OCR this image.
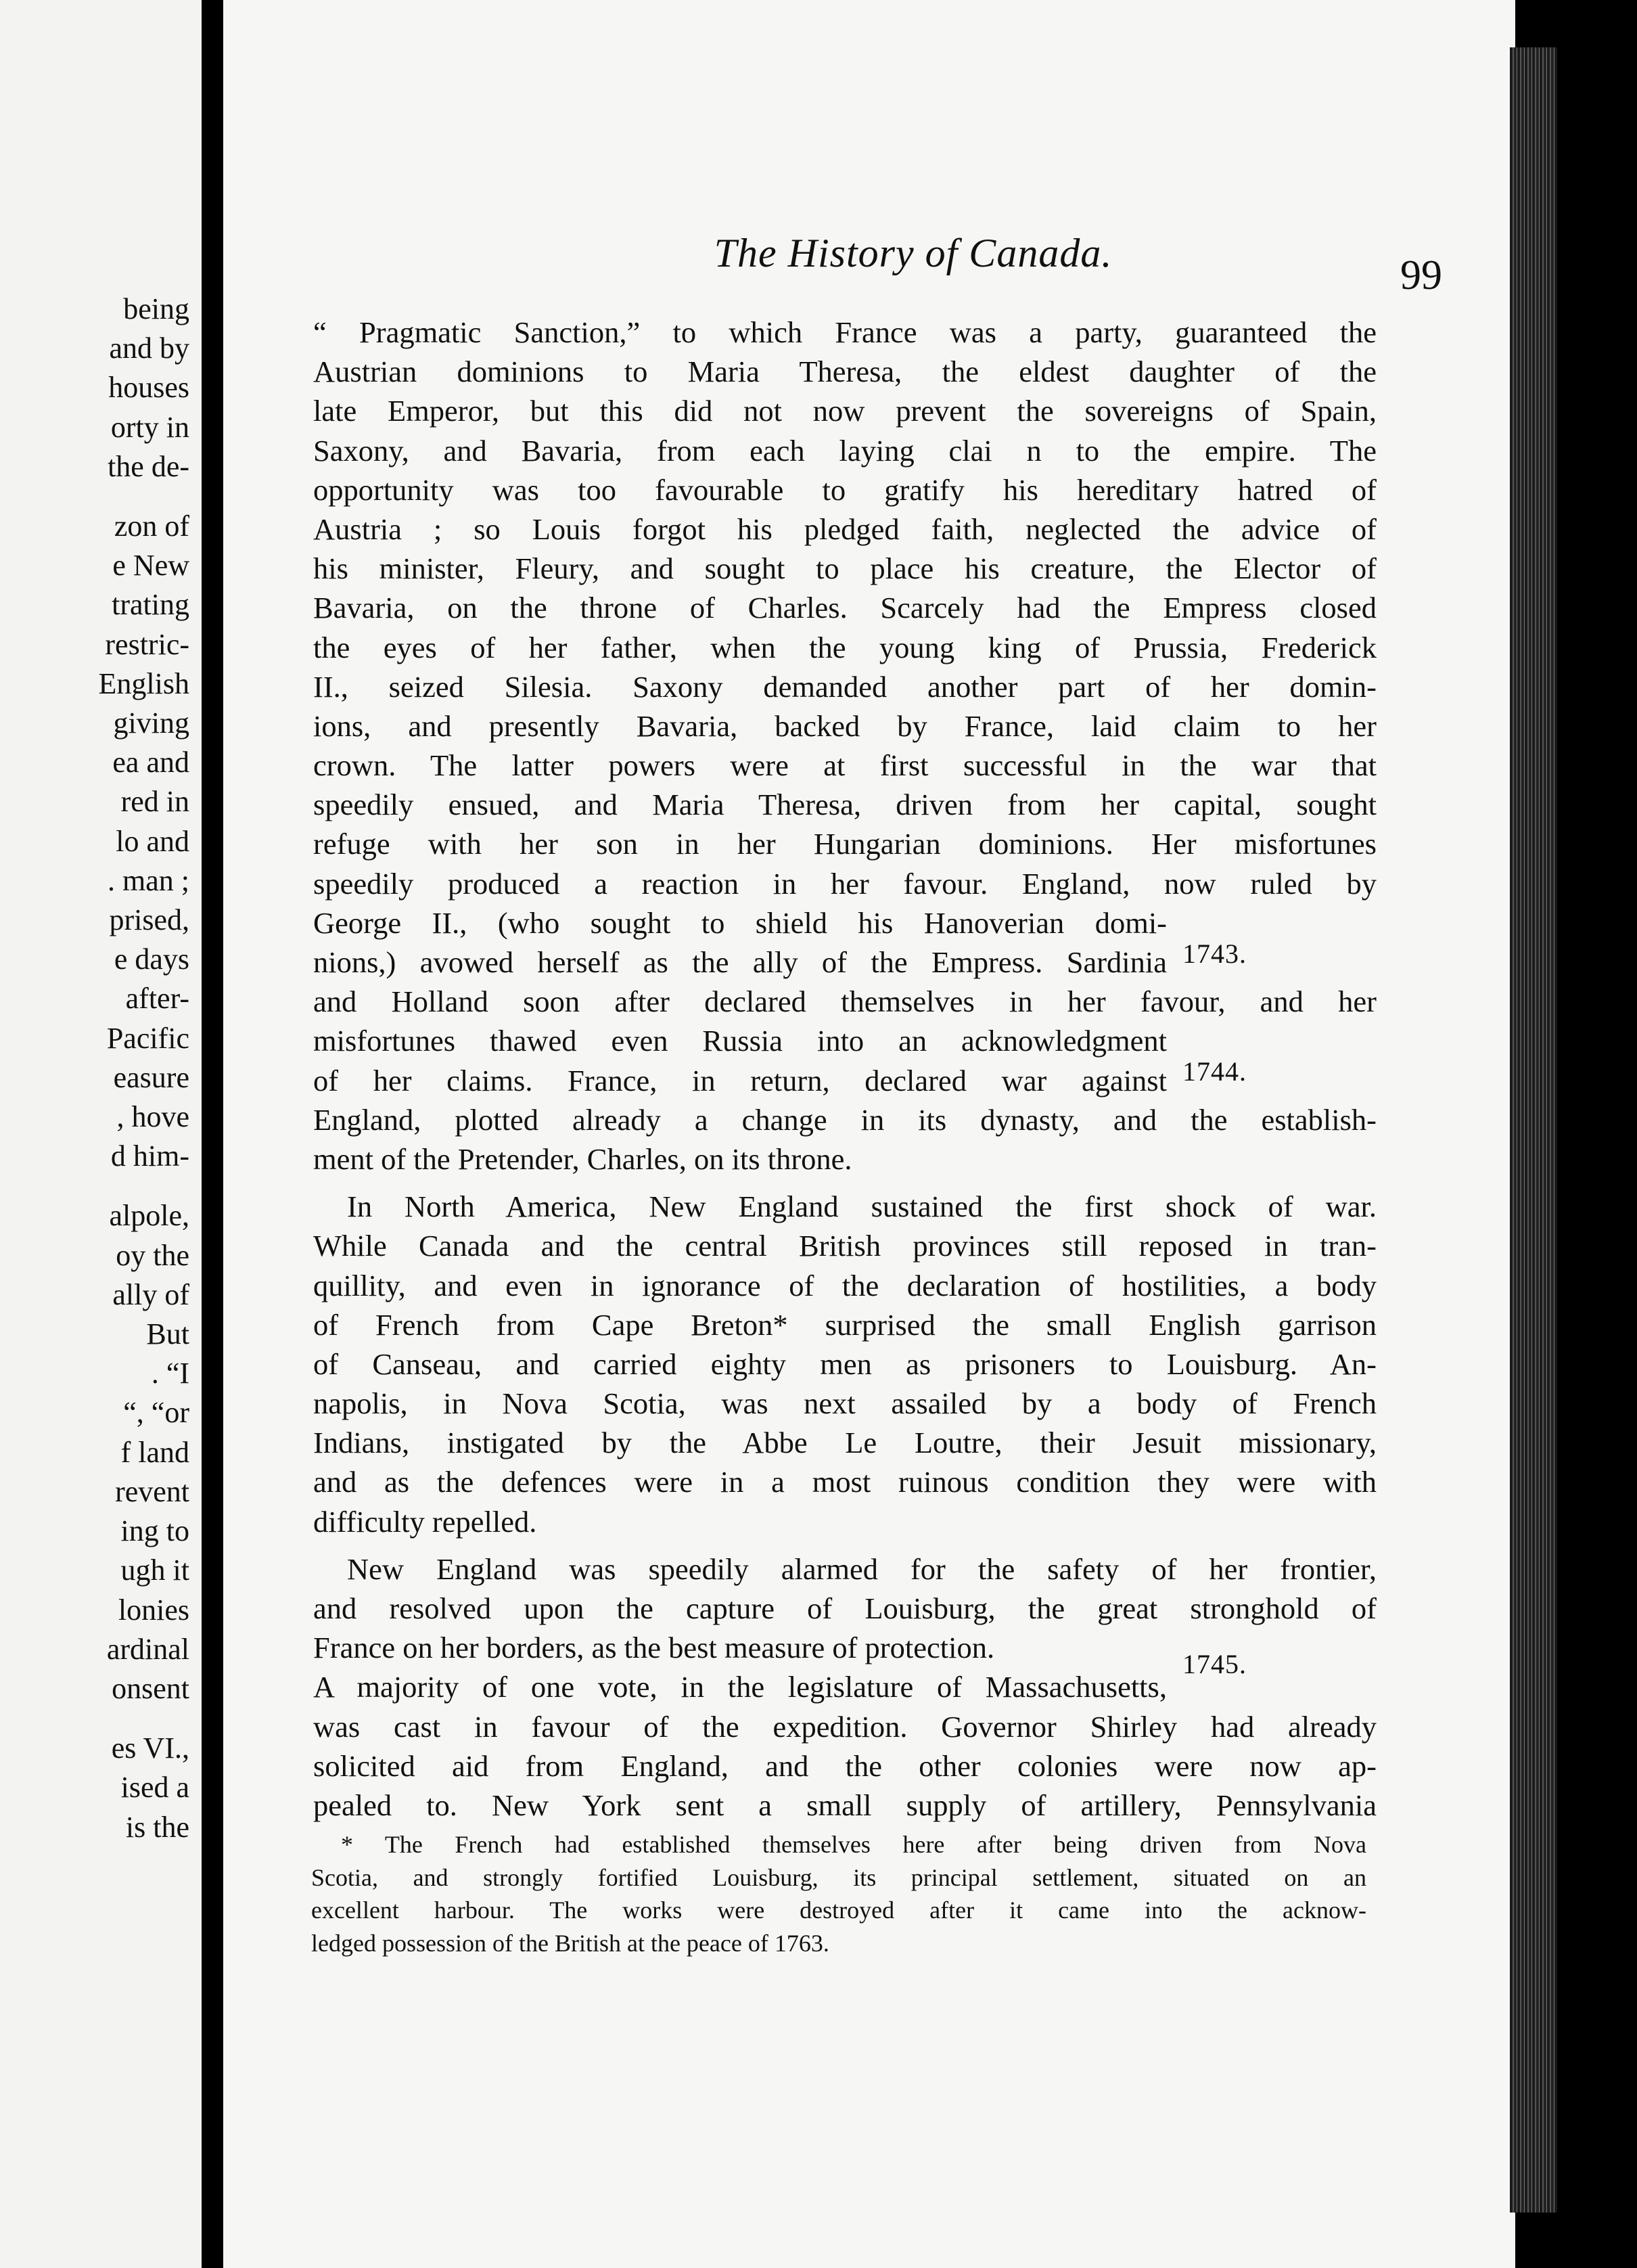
being
and by
houses
orty in
the de-
zon of
e New
trating
restric-
English
giving
ea and
red in
lo and
. man ;
prised,
e days
after-
Pacific
easure
, hove
d him-
alpole,
oy the
ally of
But
. “I
“, “or
f land
revent
ing to
ugh it
lonies
ardinal
onsent
es VI.,
ised a
is the
The History of Canada.	99
“ Pragmatic Sanction,” to which France was a party, guaranteed the
Austrian dominions to Maria Theresa, the eldest daughter of the
late Emperor, but this did not now prevent the sovereigns of Spain,
Saxony, and Bavaria, from each laying clai n to the empire. The
opportunity was too favourable to gratify his hereditary hatred of
Austria ; so Louis forgot his pledged faith, neglected the advice of
his minister, Fleury, and sought to place his creature, the Elector of
Bavaria, on the throne of Charles. Scarcely had the Empress closed
the eyes of her father, when the young king of Prussia, Frederick
II., seized Silesia. Saxony demanded another part of her domin-
ions, and presently Bavaria, backed by France, laid claim to her
crown. The latter powers were at first successful in the war that
speedily ensued, and Maria Theresa, driven from her capital, sought
refuge with her son in her Hungarian dominions. Her misfortunes
speedily produced a reaction in her favour. England, now ruled by
George II., (who sought to shield his Hanoverian domi-
nions,) avowed herself as the ally of the Empress. Sardinia
and Holland soon after declared themselves in her favour, and her
misfortunes thawed even Russia into an acknowledgment
of her claims. France, in return, declared war against
England, plotted already a change in its dynasty, and the establish-
ment of the Pretender, Charles, on its throne.
In North America, New England sustained the first shock of war.
While Canada and the central British provinces still reposed in tran-
quillity, and even in ignorance of the declaration of hostilities, a body
of French from Cape Breton* surprised the small English garrison
of Canseau, and carried eighty men as prisoners to Louisburg. An-
napolis, in Nova Scotia, was next assailed by a body of French
Indians, instigated by the Abbe Le Loutre, their Jesuit missionary,
and as the defences were in a most ruinous condition they were with
difficulty repelled.
New England was speedily alarmed for the safety of her frontier,
and resolved upon the capture of Louisburg, the great stronghold of
France on her borders, as the best measure of protection.
A majority of one vote, in the legislature of Massachusetts,
was cast in favour of the expedition. Governor Shirley had already
solicited aid from England, and the other colonies were now ap-
pealed to. New York sent a small supply of artillery, Pennsylvania
1743.
1744.
1745.
* The French had established themselves here after being driven from Nova
Scotia, and strongly fortified Louisburg, its principal settlement, situated on an
excellent harbour. The works were destroyed after it came into the acknow-
ledged possession of the British at the peace of 1763.
